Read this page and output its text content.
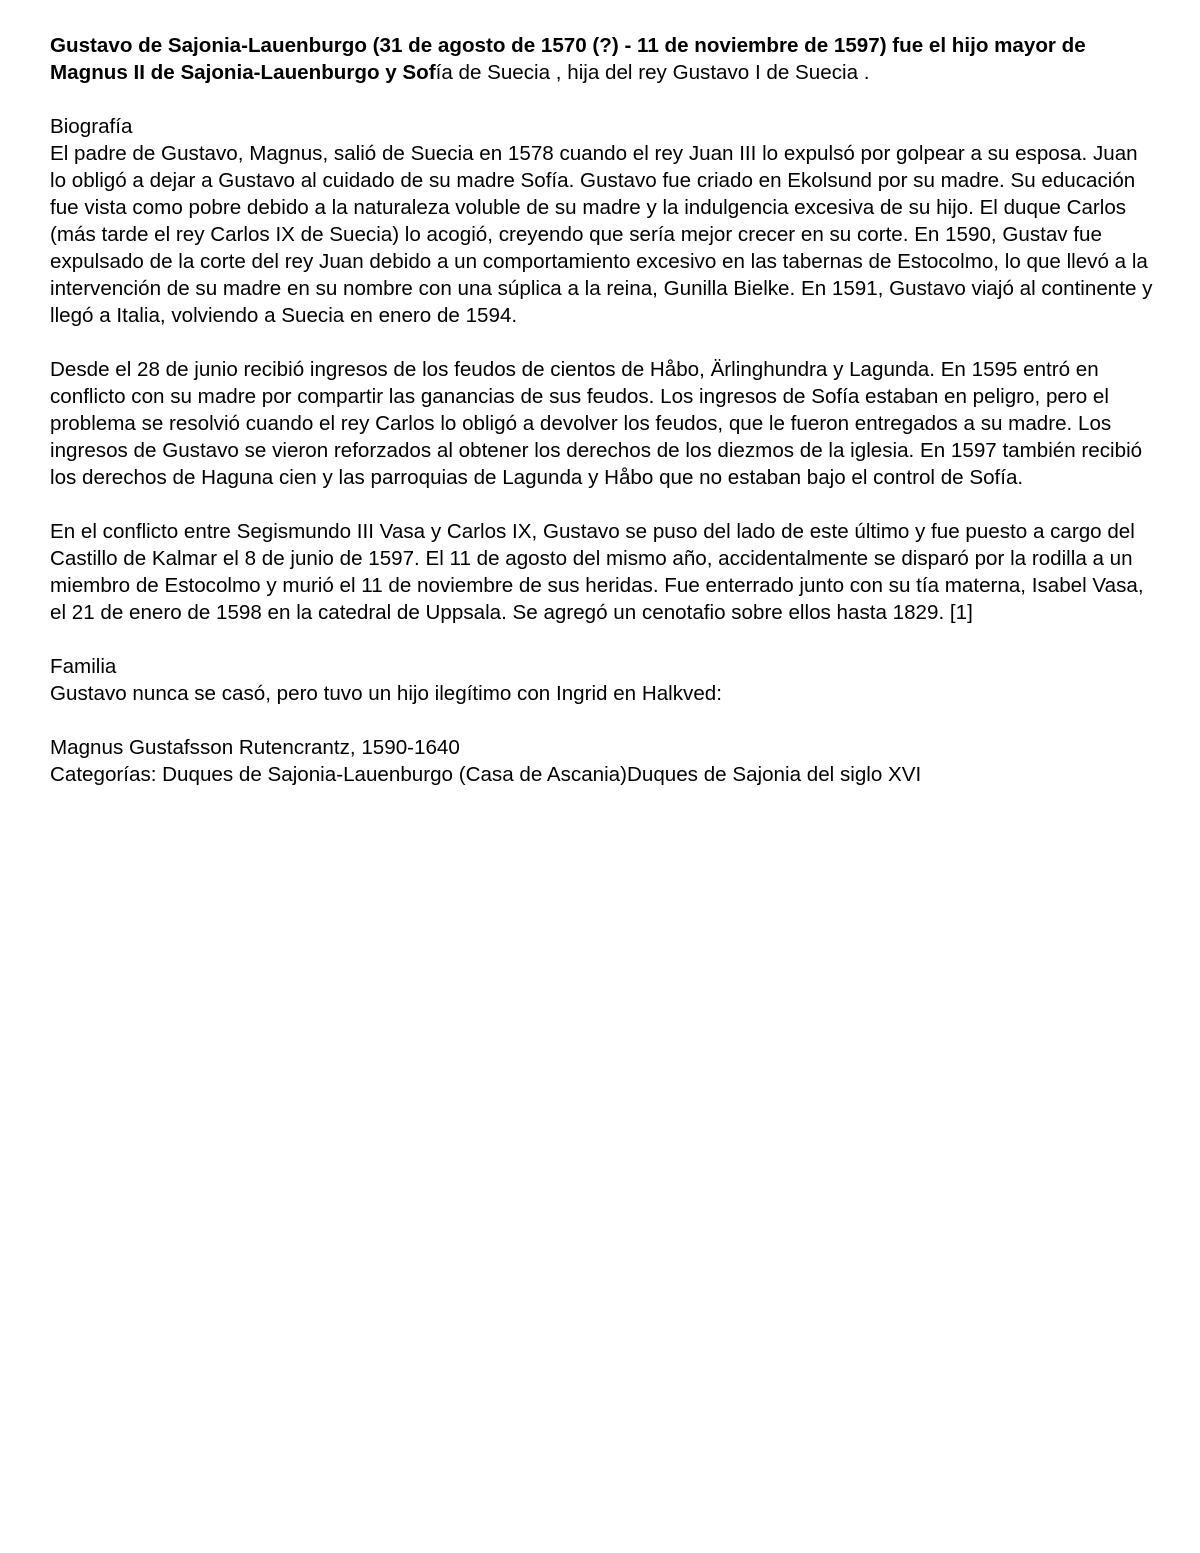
Gustavo de Sajonia-Lauenburgo (31 de agosto de 1570 (?) - 11 de noviembre de 1597) fue el hijo mayor de Magnus II de Sajonia-Lauenburgo y Sofía de Suecia , hija del rey Gustavo I de Suecia .

Biografía

El padre de Gustavo, Magnus, salió de Suecia en 1578 cuando el rey Juan III lo expulsó por golpear a su esposa. Juan lo obligó a dejar a Gustavo al cuidado de su madre Sofía. Gustavo fue criado en Ekolsund por su madre. Su educación fue vista como pobre debido a la naturaleza voluble de su madre y la indulgencia excesiva de su hijo. El duque Carlos (más tarde el rey Carlos IX de Suecia) lo acogió, creyendo que sería mejor crecer en su corte. En 1590, Gustav fue expulsado de la corte del rey Juan debido a un comportamiento excesivo en las tabernas de Estocolmo, lo que llevó a la intervención de su madre en su nombre con una súplica a la reina, Gunilla Bielke. En 1591, Gustavo viajó al continente y llegó a Italia, volviendo a Suecia en enero de 1594.

Desde el 28 de junio recibió ingresos de los feudos de cientos de Håbo, Ärlinghundra y Lagunda. En 1595 entró en conflicto con su madre por compartir las ganancias de sus feudos. Los ingresos de Sofía estaban en peligro, pero el problema se resolvió cuando el rey Carlos lo obligó a devolver los feudos, que le fueron entregados a su madre. Los ingresos de Gustavo se vieron reforzados al obtener los derechos de los diezmos de la iglesia. En 1597 también recibió los derechos de Haguna cien y las parroquias de Lagunda y Håbo que no estaban bajo el control de Sofía.

En el conflicto entre Segismundo III Vasa y Carlos IX, Gustavo se puso del lado de este último y fue puesto a cargo del Castillo de Kalmar el 8 de junio de 1597. El 11 de agosto del mismo año, accidentalmente se disparó por la rodilla a un miembro de Estocolmo y murió el 11 de noviembre de sus heridas. Fue enterrado junto con su tía materna, Isabel Vasa, el 21 de enero de 1598 en la catedral de Uppsala. Se agregó un cenotafio sobre ellos hasta 1829. [1]

Familia

Gustavo nunca se casó, pero tuvo un hijo ilegítimo con Ingrid en Halkved:

Magnus Gustafsson Rutencrantz, 1590-1640

Categorías: Duques de Sajonia-Lauenburgo (Casa de Ascania)Duques de Sajonia del siglo XVI
